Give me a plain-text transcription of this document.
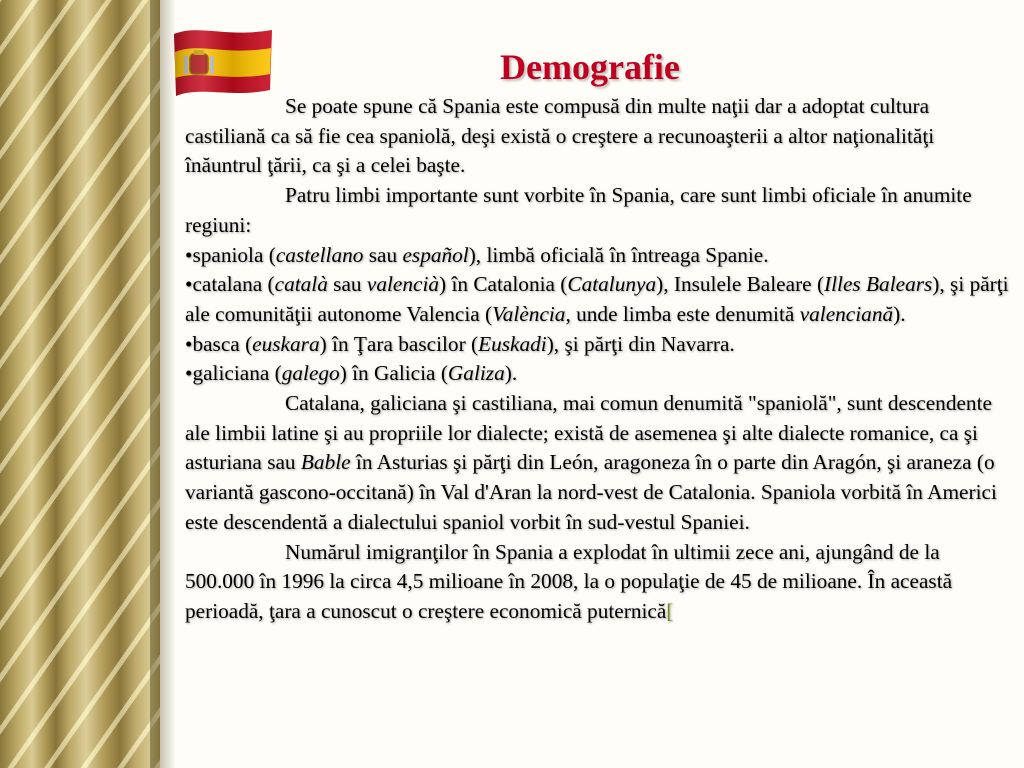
Demografie

Se poate spune că Spania este compusă din multe naţii dar a adoptat cultura castiliană ca să fie cea spaniolă, deşi există o creştere a recunoaşterii a altor naţionalităţi înăuntrul ţării, ca şi a celei başte.

Patru limbi importante sunt vorbite în Spania, care sunt limbi oficiale în anumite regiuni:

•spaniola (castellano sau español), limbă oficială în întreaga Spanie.

•catalana (català sau valencià) în Catalonia (Catalunya), Insulele Baleare (Illes Balears), şi părţi ale comunităţii autonome Valencia (València, unde limba este denumită valenciană).

•basca (euskara) în Ţara bascilor (Euskadi), şi părţi din Navarra.

•galiciana (galego) în Galicia (Galiza).

Catalana, galiciana şi castiliana, mai comun denumită "spaniolă", sunt descendente ale limbii latine şi au propriile lor dialecte; există de asemenea şi alte dialecte romanice, ca şi asturiana sau Bable în Asturias şi părţi din León, aragoneza în o parte din Aragón, şi araneza (o variantă gascono-occitană) în Val d'Aran la nord-vest de Catalonia. Spaniola vorbită în Americi este descendentă a dialectului spaniol vorbit în sud-vestul Spaniei.

Numărul imigranţilor în Spania a explodat în ultimii zece ani, ajungând de la 500.000 în 1996 la circa 4,5 milioane în 2008, la o populaţie de 45 de milioane. În această perioadă, ţara a cunoscut o creştere economică puternică[
